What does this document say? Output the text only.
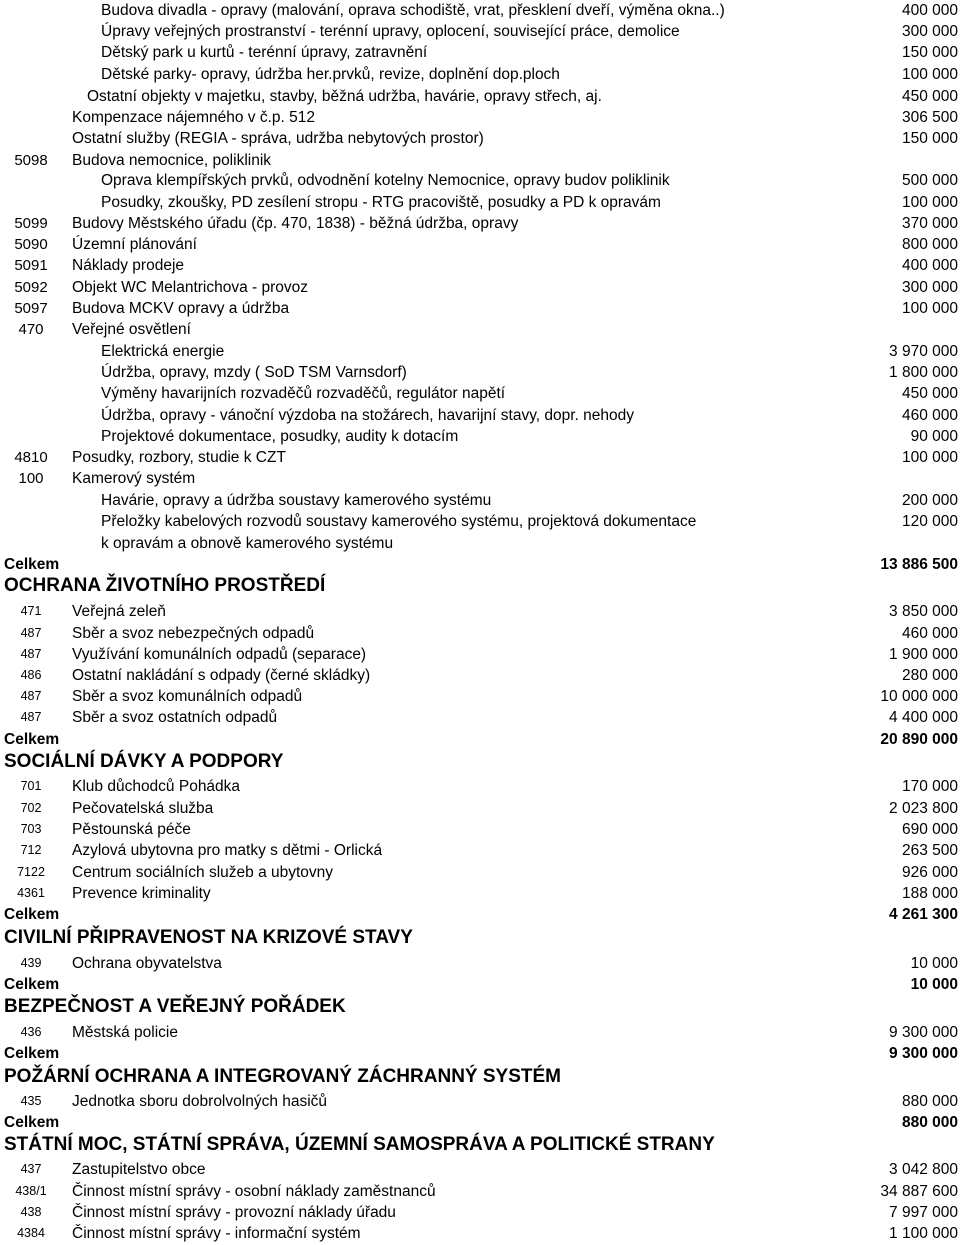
Budova divadla - opravy (malování, oprava schodiště, vrat, přesklení dveří, výměna okna..)	400 000
Úpravy veřejných prostranství - terénní upravy, oplocení, související práce, demolice	300 000
Dětský park u kurtů - terénní úpravy, zatravnění	150 000
Dětské parky- opravy, údržba her.prvků, revize, doplnění dop.ploch	100 000
Ostatní objekty v majetku, stavby, běžná udržba, havárie, opravy střech, aj.	450 000
Kompenzace nájemného v č.p. 512	306 500
Ostatní služby (REGIA - správa, udržba nebytových prostor)	150 000
5098	Budova nemocnice, poliklinik
Oprava klempířských prvků, odvodnění kotelny Nemocnice, opravy budov poliklinik	500 000
Posudky, zkoušky, PD zesílení stropu - RTG pracoviště, posudky a PD k opravám	100 000
5099	Budovy Městského úřadu (čp. 470, 1838) - běžná údržba, opravy	370 000
5090	Územní plánování	800 000
5091	Náklady prodeje	400 000
5092	Objekt WC Melantrichova - provoz	300 000
5097	Budova MCKV opravy a údržba	100 000
470	Veřejné osvětlení
Elektrická energie	3 970 000
Údržba, opravy, mzdy ( SoD TSM Varnsdorf)	1 800 000
Výměny havarijních rozvaděčů rozvaděčů, regulátor napětí	450 000
Údržba, opravy - vánoční výzdoba na stožárech, havarijní stavy, dopr. nehody	460 000
Projektové dokumentace, posudky, audity k dotacím	90 000
4810	Posudky, rozbory, studie k CZT	100 000
100	Kamerový systém
Havárie, opravy a údržba soustavy kamerového systému	200 000
Přeložky kabelových rozvodů soustavy kamerového systému, projektová dokumentace	120 000
k opravám a obnově kamerového systému
Celkem	13 886 500
OCHRANA ŽIVOTNÍHO PROSTŘEDÍ
471	Veřejná zeleň	3 850 000
487	Sběr a svoz nebezpečných odpadů	460 000
487	Využívání komunálních odpadů (separace)	1 900 000
486	Ostatní nakládání s odpady (černé skládky)	280 000
487	Sběr a svoz komunálních odpadů	10 000 000
487	Sběr a svoz ostatních odpadů	4 400 000
Celkem	20 890 000
SOCIÁLNÍ DÁVKY A PODPORY
701	Klub důchodců Pohádka	170 000
702	Pečovatelská služba	2 023 800
703	Pěstounská péče	690 000
712	Azylová ubytovna pro matky s dětmi - Orlická	263 500
7122	Centrum sociálních služeb a ubytovny	926 000
4361	Prevence kriminality	188 000
Celkem	4 261 300
CIVILNÍ PŘIPRAVENOST NA KRIZOVÉ STAVY
439	Ochrana obyvatelstva	10 000
Celkem	10 000
BEZPEČNOST A VEŘEJNÝ POŘÁDEK
436	Městská policie	9 300 000
Celkem	9 300 000
POŽÁRNÍ OCHRANA A INTEGROVANÝ ZÁCHRANNÝ SYSTÉM
435	Jednotka sboru dobrolvolných hasičů	880 000
Celkem	880 000
STÁTNÍ MOC, STÁTNÍ SPRÁVA, ÚZEMNÍ SAMOSPRÁVA A POLITICKÉ STRANY
437	Zastupitelstvo obce	3 042 800
438/1	Činnost místní správy - osobní náklady zaměstnanců	34 887 600
438	Činnost místní správy - provozní náklady úřadu	7 997 000
4384	Činnost místní správy - informační systém	1 100 000
